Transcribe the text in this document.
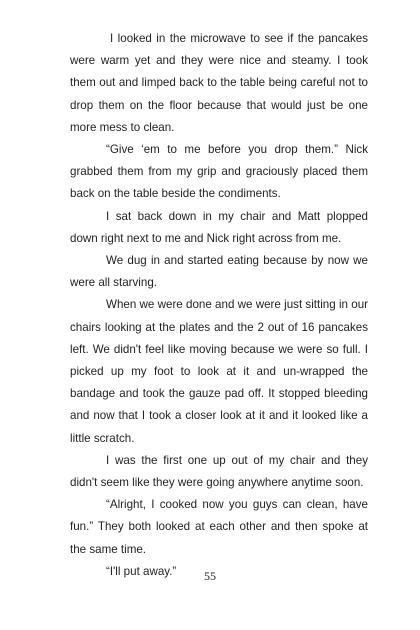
I looked in the microwave to see if the pancakes were warm yet and they were nice and steamy. I took them out and limped back to the table being careful not to drop them on the floor because that would just be one more mess to clean.

“Give ‘em to me before you drop them.” Nick grabbed them from my grip and graciously placed them back on the table beside the condiments.

I sat back down in my chair and Matt plopped down right next to me and Nick right across from me.

We dug in and started eating because by now we were all starving.

When we were done and we were just sitting in our chairs looking at the plates and the 2 out of 16 pancakes left. We didn't feel like moving because we were so full. I picked up my foot to look at it and un-wrapped the bandage and took the gauze pad off. It stopped bleeding and now that I took a closer look at it and it looked like a little scratch.

I was the first one up out of my chair and they didn't seem like they were going anywhere anytime soon.

“Alright, I cooked now you guys can clean, have fun.” They both looked at each other and then spoke at the same time.

“I'll put away.”	55
